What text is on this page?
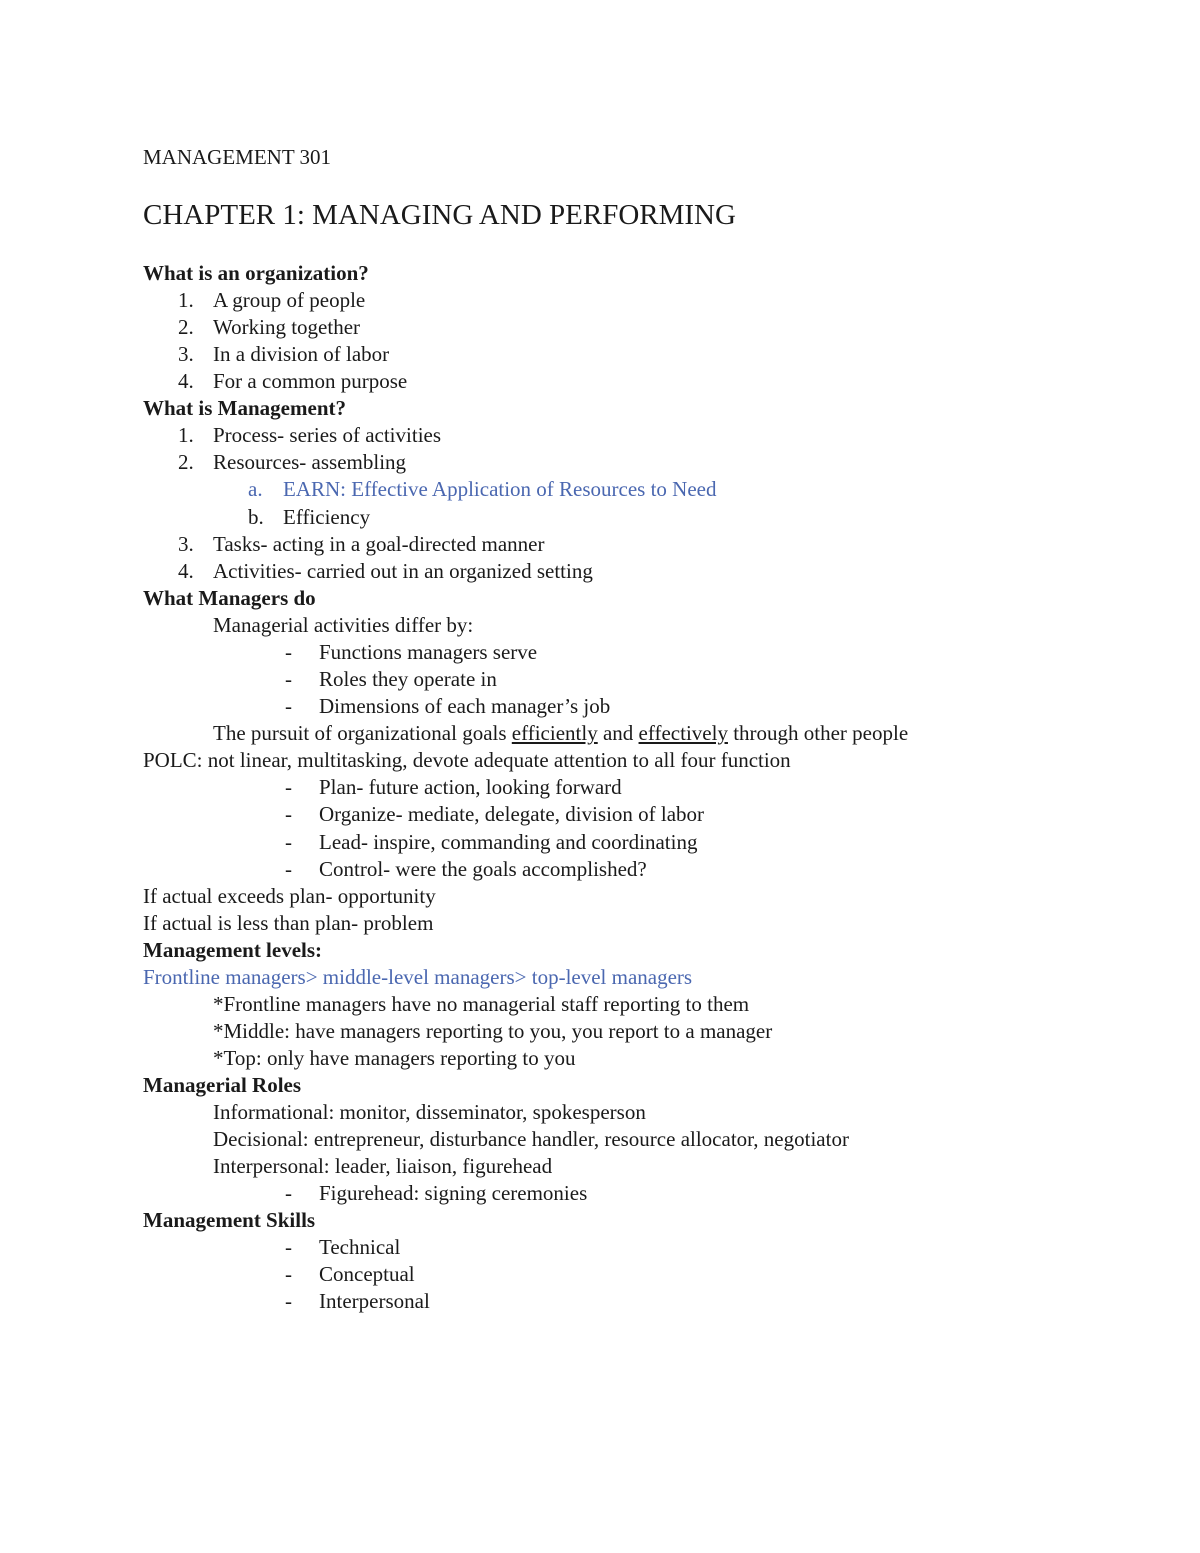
MANAGEMENT 301
CHAPTER 1: MANAGING AND PERFORMING
What is an organization?
1. A group of people
2. Working together
3. In a division of labor
4. For a common purpose
What is Management?
1. Process- series of activities
2. Resources- assembling
a. EARN: Effective Application of Resources to Need
b. Efficiency
3. Tasks- acting in a goal-directed manner
4. Activities- carried out in an organized setting
What Managers do
Managerial activities differ by:
- Functions managers serve
- Roles they operate in
- Dimensions of each manager’s job
The pursuit of organizational goals efficiently and effectively through other people
POLC: not linear, multitasking, devote adequate attention to all four function
- Plan- future action, looking forward
- Organize- mediate, delegate, division of labor
- Lead- inspire, commanding and coordinating
- Control- were the goals accomplished?
If actual exceeds plan- opportunity
If actual is less than plan- problem
Management levels:
Frontline managers> middle-level managers> top-level managers
*Frontline managers have no managerial staff reporting to them
*Middle: have managers reporting to you, you report to a manager
*Top: only have managers reporting to you
Managerial Roles
Informational: monitor, disseminator, spokesperson
Decisional: entrepreneur, disturbance handler, resource allocator, negotiator
Interpersonal: leader, liaison, figurehead
- Figurehead: signing ceremonies
Management Skills
- Technical
- Conceptual
- Interpersonal
